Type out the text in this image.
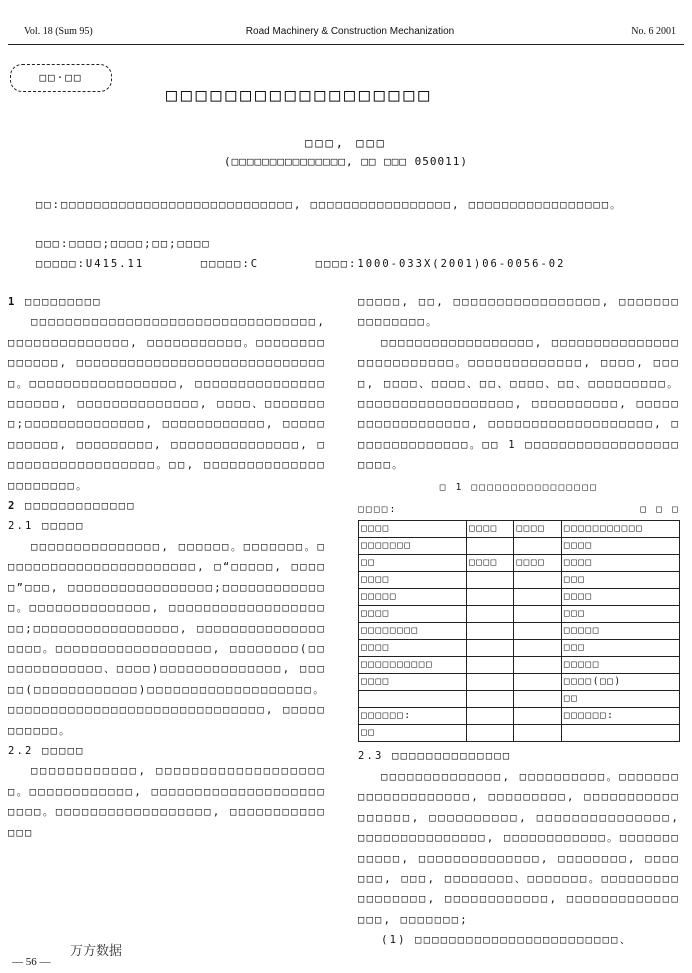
Vol. 18 (Sum 95)	Road Machinery & Construction Mechanization	No. 6 2001
□□·□□
□□□□□□□□□□□□□□□□□□
□□□, □□□
(□□□□□□□□□□□□□□□, □□ □□□ 050011)
□□:□□□□□□□□□□□□□□□□□□□□□□□□□□□□, □□□□□□□□□□□□□□□□□, □□□□□□□□□□□□□□□□□。
□□□:□□□□;□□□□;□□;□□□□
□□□□□:U415.11	□□□□□:C	□□□□:1000-033X(2001)06-0056-02

1 □□□□□□□□□

□□□□□□□□□□□□□□□□□□□□□□□□□□□□□□□□□, □□□□□□□□□□□□□□, □□□□□□□□□□□。□□□□□□□□□□□□□□, □□□□□□□□□□□□□□□□□□□□□□□□□□□□□□。□□□□□□□□□□□□□□□□□, □□□□□□□□□□□□□□□□□□□□□, □□□□□□□□□□□□□□, □□□□、□□□□□□□□;□□□□□□□□□□□□□□, □□□□□□□□□□□□, □□□□□□□□□□□, □□□□□□□□□, □□□□□□□□□□□□□□□, □□□□□□□□□□□□□□□□□□。□□, □□□□□□□□□□□□□□□□□□□□□□。

2 □□□□□□□□□□□□□

2.1 □□□□□

□□□□□□□□□□□□□□□, □□□□□□。□□□□□□□。□□□□□□□□□□□□□□□□□□□□□□□, □“□□□□□, □□□□□”□□□, □□□□□□□□□□□□□□□□□;□□□□□□□□□□□□□。□□□□□□□□□□□□□□, □□□□□□□□□□□□□□□□□□□□;□□□□□□□□□□□□□□□□□, □□□□□□□□□□□□□□□□□□□。□□□□□□□□□□□□□□□□□□, □□□□□□□□(□□□□□□□□□□□□□、□□□□)□□□□□□□□□□□□□□, □□□□□(□□□□□□□□□□□□)□□□□□□□□□□□□□□□□□□□。□□□□□□□□□□□□□□□□□□□□□□□□□□□□□□, □□□□□□□□□□□。

2.2 □□□□□

□□□□□□□□□□□□, □□□□□□□□□□□□□□□□□□□□。□□□□□□□□□□□□, □□□□□□□□□□□□□□□□□□□□□□□□。□□□□□□□□□□□□□□□□□□, □□□□□□□□□□□□□□

□□□□□, □□, □□□□□□□□□□□□□□□□□, □□□□□□□□□□□□□□□。

□□□□□□□□□□□□□□□□□□, □□□□□□□□□□□□□□□□□□□□□□□□□□。□□□□□□□□□□□□□, □□□□, □□□□, □□□□、□□□□、□□、□□□□、□□、□□□□□□□□□。□□□□□□□□□□□□□□□□□□, □□□□□□□□□□, □□□□□□□□□□□□□□□□□□, □□□□□□□□□□□□□□□□□□□, □□□□□□□□□□□□□□。□□ 1 □□□□□□□□□□□□□□□□□□□□□□。

□ 1 □□□□□□□□□□□□□□□□
□□□□:	□ □ □
□□□□	□□□□	□□□□	□□□□□□□□□□□
□□□□□□□			□□□□
□□	□□□□	□□□□	□□□□
□□□□			□□□
□□□□□			□□□□
□□□□			□□□
□□□□□□□□			□□□□□
□□□□			□□□
□□□□□□□□□□			□□□□□
□□□□			□□□□(□□)
			□□
□□□□□□:			□□□□□□:
□□			

2.3 □□□□□□□□□□□□□□

□□□□□□□□□□□□□□, □□□□□□□□□□。□□□□□□□□□□□□□□□□□□□□, □□□□□□□□□, □□□□□□□□□□□□□□□□□, □□□□□□□□□□, □□□□□□□□□□□□□□□, □□□□□□□□□□□□□□□, □□□□□□□□□□□□。□□□□□□□□□□□□, □□□□□□□□□□□□□□, □□□□□□□□, □□□□□□□, □□□, □□□□□□□□、□□□□□□□。□□□□□□□□□□□□□□□□□, □□□□□□□□□□□□, □□□□□□□□□□□□□□□□, □□□□□□□;

(1) □□□□□□□□□□□□□□□□□□□□□□□□、

万方数据
— 56 —
